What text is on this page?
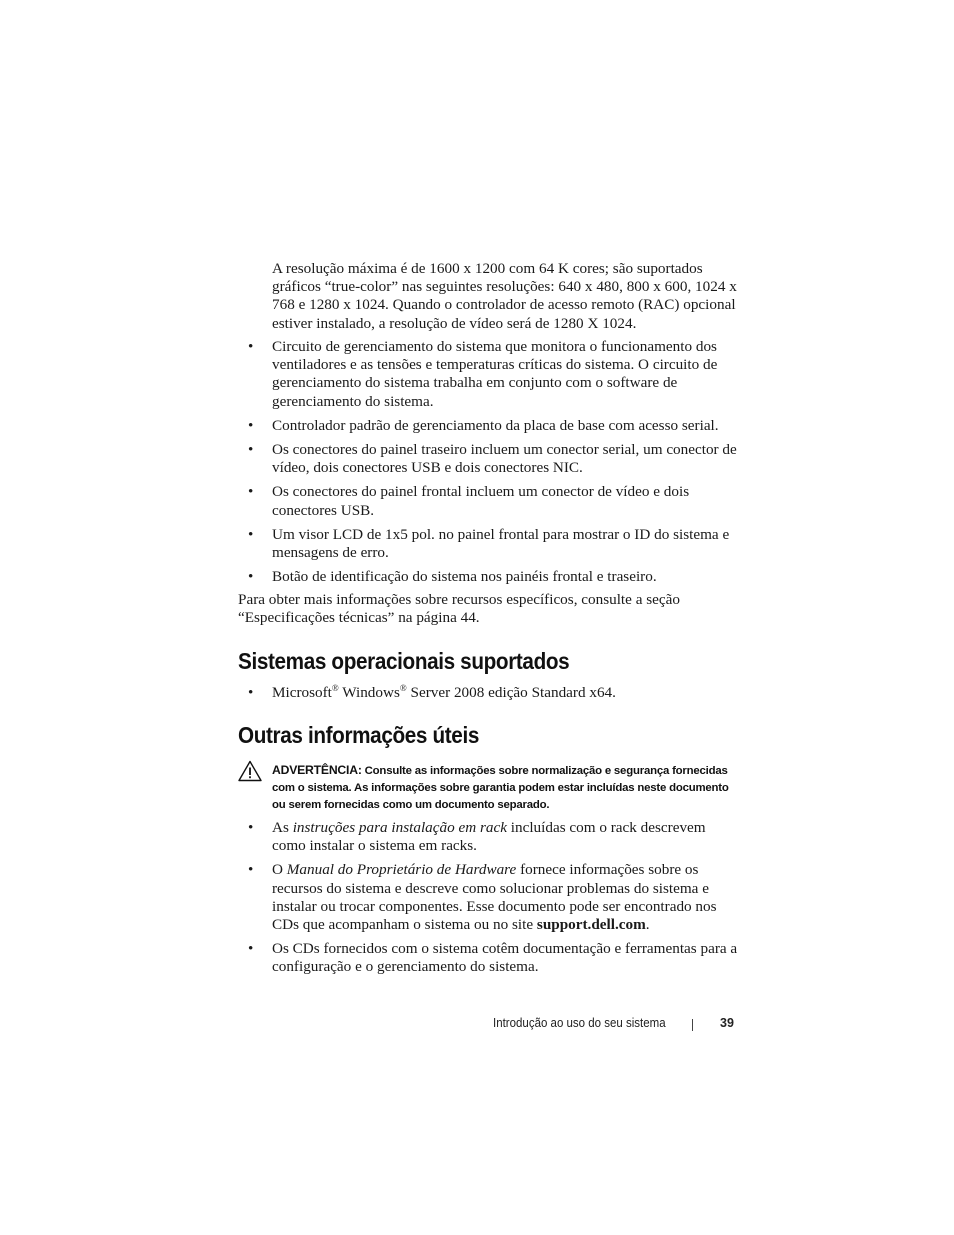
A resolução máxima é de 1600 x 1200 com 64 K cores; são suportados gráficos “true-color” nas seguintes resoluções: 640 x 480, 800 x 600, 1024 x 768 e 1280 x 1024. Quando o controlador de acesso remoto (RAC) opcional estiver instalado, a resolução de vídeo será de 1280 X 1024.

• Circuito de gerenciamento do sistema que monitora o funcionamento dos ventiladores e as tensões e temperaturas críticas do sistema. O circuito de gerenciamento do sistema trabalha em conjunto com o software de gerenciamento do sistema.
• Controlador padrão de gerenciamento da placa de base com acesso serial.
• Os conectores do painel traseiro incluem um conector serial, um conector de vídeo, dois conectores USB e dois conectores NIC.
• Os conectores do painel frontal incluem um conector de vídeo e dois conectores USB.
• Um visor LCD de 1x5 pol. no painel frontal para mostrar o ID do sistema e mensagens de erro.
• Botão de identificação do sistema nos painéis frontal e traseiro.

Para obter mais informações sobre recursos específicos, consulte a seção “Especificações técnicas” na página 44.

Sistemas operacionais suportados
• Microsoft® Windows® Server 2008 edição Standard x64.
Outras informações úteis
ADVERTÊNCIA: Consulte as informações sobre normalização e segurança fornecidas com o sistema. As informações sobre garantia podem estar incluídas neste documento ou serem fornecidas como um documento separado.
• As instruções para instalação em rack incluídas com o rack descrevem como instalar o sistema em racks.
• O Manual do Proprietário de Hardware fornece informações sobre os recursos do sistema e descreve como solucionar problemas do sistema e instalar ou trocar componentes. Esse documento pode ser encontrado nos CDs que acompanham o sistema ou no site support.dell.com.
• Os CDs fornecidos com o sistema cotêm documentação e ferramentas para a configuração e o gerenciamento do sistema.
Introdução ao uso do seu sistema	39
